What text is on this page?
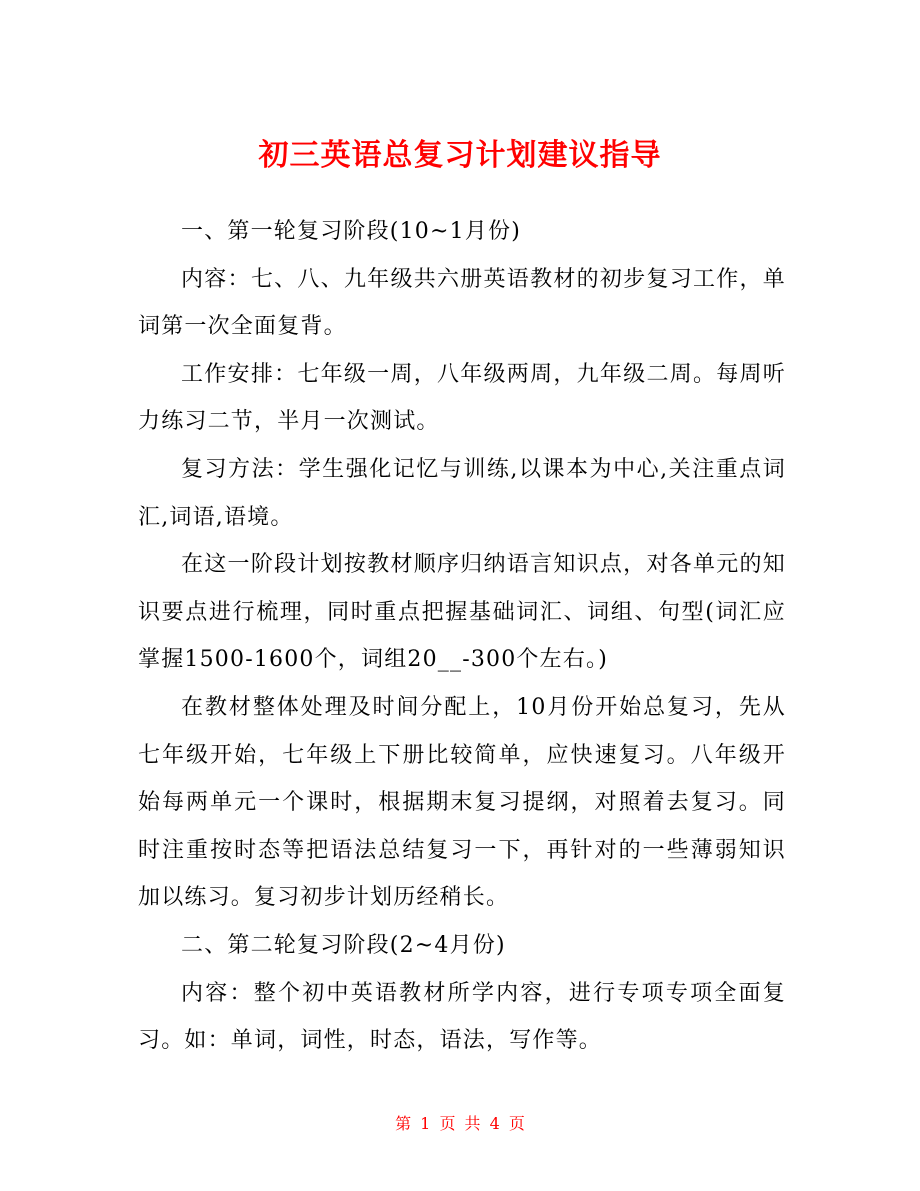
初三英语总复习计划建议指导

一、第一轮复习阶段(10~1月份)

内容：七、八、九年级共六册英语教材的初步复习工作，单词第一次全面复背。

工作安排：七年级一周，八年级两周，九年级二周。每周听力练习二节，半月一次测试。

复习方法：学生强化记忆与训练,以课本为中心,关注重点词汇,词语,语境。

在这一阶段计划按教材顺序归纳语言知识点，对各单元的知识要点进行梳理，同时重点把握基础词汇、词组、句型(词汇应掌握1500-1600个，词组20__-300个左右。)

在教材整体处理及时间分配上，10月份开始总复习，先从七年级开始，七年级上下册比较简单，应快速复习。八年级开始每两单元一个课时，根据期末复习提纲，对照着去复习。同时注重按时态等把语法总结复习一下，再针对的一些薄弱知识加以练习。复习初步计划历经稍长。

二、第二轮复习阶段(2~4月份)

内容：整个初中英语教材所学内容，进行专项专项全面复习。如：单词，词性，时态，语法，写作等。

第 1 页 共 4 页
